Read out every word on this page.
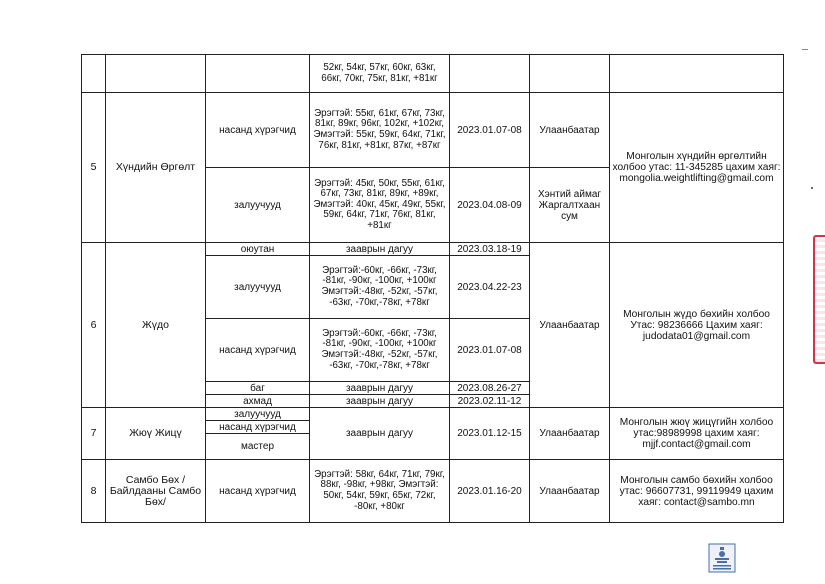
			52кг, 54кг, 57кг, 60кг, 63кг, 66кг, 70кг, 75кг, 81кг, +81кг			
5	Хүндийн Өргөлт	насанд хүрэгчид	Эрэгтэй: 55кг, 61кг, 67кг, 73кг, 81кг, 89кг, 96кг, 102кг, +102кг, Эмэгтэй: 55кг, 59кг, 64кг, 71кг, 76кг, 81кг, +81кг, 87кг, +87кг	2023.01.07-08	Улаанбаатар	Монголын хүндийн өргөлтийн холбоо утас: 11-345285 цахим хаяг: mongolia.weightlifting@gmail.com
		залуучууд	Эрэгтэй: 45кг, 50кг, 55кг, 61кг, 67кг, 73кг, 81кг, 89кг, +89кг, Эмэгтэй: 40кг, 45кг, 49кг, 55кг, 59кг, 64кг, 71кг, 76кг, 81кг, +81кг	2023.04.08-09	Хэнтий аймаг Жаргалтхаан сум	
6	Жүдо	оюутан	зааврын дагуу	2023.03.18-19	Улаанбаатар	Монголын жүдо бөхийн холбоо Утас: 98236666 Цахим хаяг: judodata01@gmail.com
		залуучууд	Эрэгтэй:-60кг, -66кг, -73кг, -81кг, -90кг, -100кг, +100кг Эмэгтэй:-48кг, -52кг, -57кг, -63кг, -70кг,-78кг, +78кг	2023.04.22-23		
		насанд хүрэгчид	Эрэгтэй:-60кг, -66кг, -73кг, -81кг, -90кг, -100кг, +100кг Эмэгтэй:-48кг, -52кг, -57кг, -63кг, -70кг,-78кг, +78кг	2023.01.07-08		
		баг	зааврын дагуу	2023.08.26-27		
		ахмад	зааврын дагуу	2023.02.11-12		
7	Жюү Жицү	залуучууд	зааврын дагуу	2023.01.12-15	Улаанбаатар	Монголын жюү жицүгийн холбоо утас:98989998 цахим хаяг: mjjf.contact@gmail.com
		насанд хүрэгчид				
		мастер				
8	Самбо Бөх /Байлдааны Самбо Бөх/	насанд хүрэгчид	Эрэгтэй: 58кг, 64кг, 71кг, 79кг, 88кг, -98кг, +98кг, Эмэгтэй: 50кг, 54кг, 59кг, 65кг, 72кг, -80кг, +80кг	2023.01.16-20	Улаанбаатар	Монголын самбо бөхийн холбоо утас: 96607731, 99119949 цахим хаяг: contact@sambo.mn
